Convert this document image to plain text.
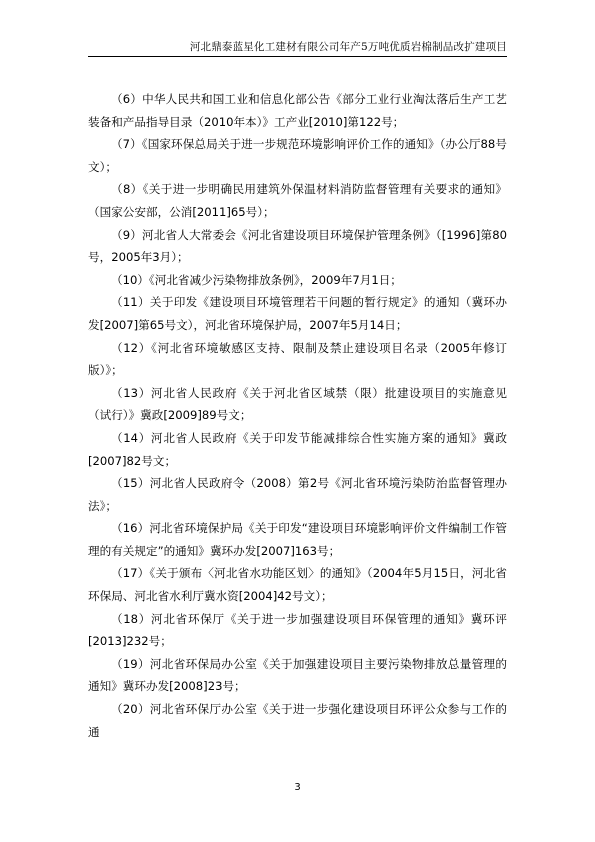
河北鼎泰蓝星化工建材有限公司年产5万吨优质岩棉制品改扩建项目

（6）中华人民共和国工业和信息化部公告《部分工业行业淘汰落后生产工艺装备和产品指导目录（2010年本）》工产业[2010]第122号；

（7）《国家环保总局关于进一步规范环境影响评价工作的通知》（办公厅88号文）；

（8）《关于进一步明确民用建筑外保温材料消防监督管理有关要求的通知》（国家公安部，公消[2011]65号）；

（9）河北省人大常委会《河北省建设项目环境保护管理条例》（[1996]第80号，2005年3月）；

（10）《河北省减少污染物排放条例》，2009年7月1日；

（11）关于印发《建设项目环境管理若干问题的暂行规定》的通知（冀环办发[2007]第65号文），河北省环境保护局，2007年5月14日；

（12）《河北省环境敏感区支持、限制及禁止建设项目名录（2005年修订版）》；

（13）河北省人民政府《关于河北省区域禁（限）批建设项目的实施意见（试行）》冀政[2009]89号文；

（14）河北省人民政府《关于印发节能减排综合性实施方案的通知》冀政[2007]82号文；

（15）河北省人民政府令（2008）第2号《河北省环境污染防治监督管理办法》；

（16）河北省环境保护局《关于印发“建设项目环境影响评价文件编制工作管理的有关规定”的通知》冀环办发[2007]163号；

（17）《关于颁布〈河北省水功能区划〉的通知》（2004年5月15日，河北省环保局、河北省水利厅冀水资[2004]42号文）；

（18）河北省环保厅《关于进一步加强建设项目环保管理的通知》冀环评[2013]232号；

（19）河北省环保局办公室《关于加强建设项目主要污染物排放总量管理的通知》冀环办发[2008]23号；

（20）河北省环保厅办公室《关于进一步强化建设项目环评公众参与工作的通

3
